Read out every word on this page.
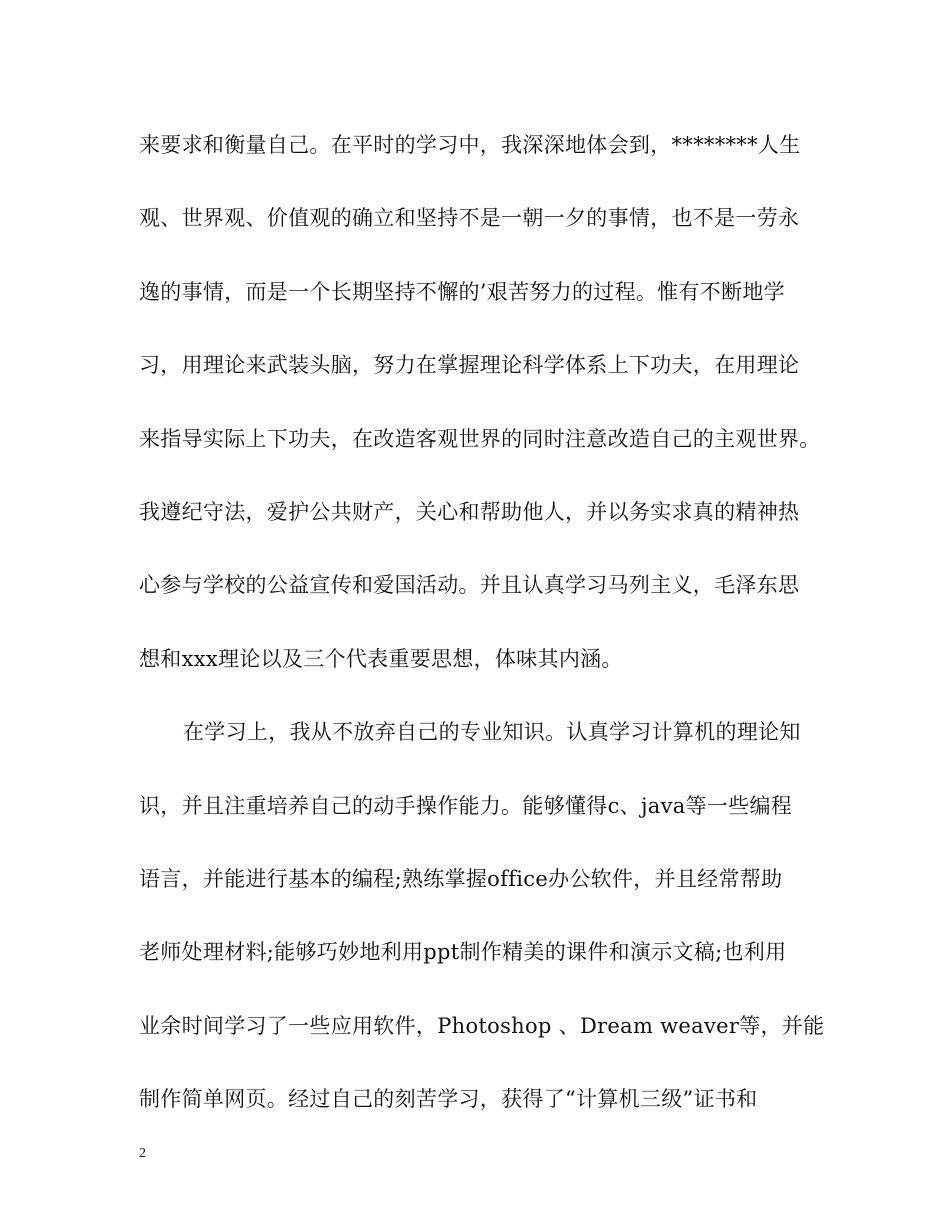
来要求和衡量自己。在平时的学习中，我深深地体会到，********人生
观、世界观、价值观的确立和坚持不是一朝一夕的事情，也不是一劳永
逸的事情，而是一个长期坚持不懈的’艰苦努力的过程。惟有不断地学
习，用理论来武装头脑，努力在掌握理论科学体系上下功夫，在用理论
来指导实际上下功夫，在改造客观世界的同时注意改造自己的主观世界。
我遵纪守法，爱护公共财产，关心和帮助他人，并以务实求真的精神热
心参与学校的公益宣传和爱国活动。并且认真学习马列主义，毛泽东思
想和xxx理论以及三个代表重要思想，体味其内涵。
在学习上，我从不放弃自己的专业知识。认真学习计算机的理论知
识，并且注重培养自己的动手操作能力。能够懂得c、java等一些编程
语言，并能进行基本的编程;熟练掌握office办公软件，并且经常帮助
老师处理材料;能够巧妙地利用ppt制作精美的课件和演示文稿;也利用
业余时间学习了一些应用软件，Photoshop 、Dream weaver等，并能
制作简单网页。经过自己的刻苦学习，获得了“计算机三级”证书和
2
